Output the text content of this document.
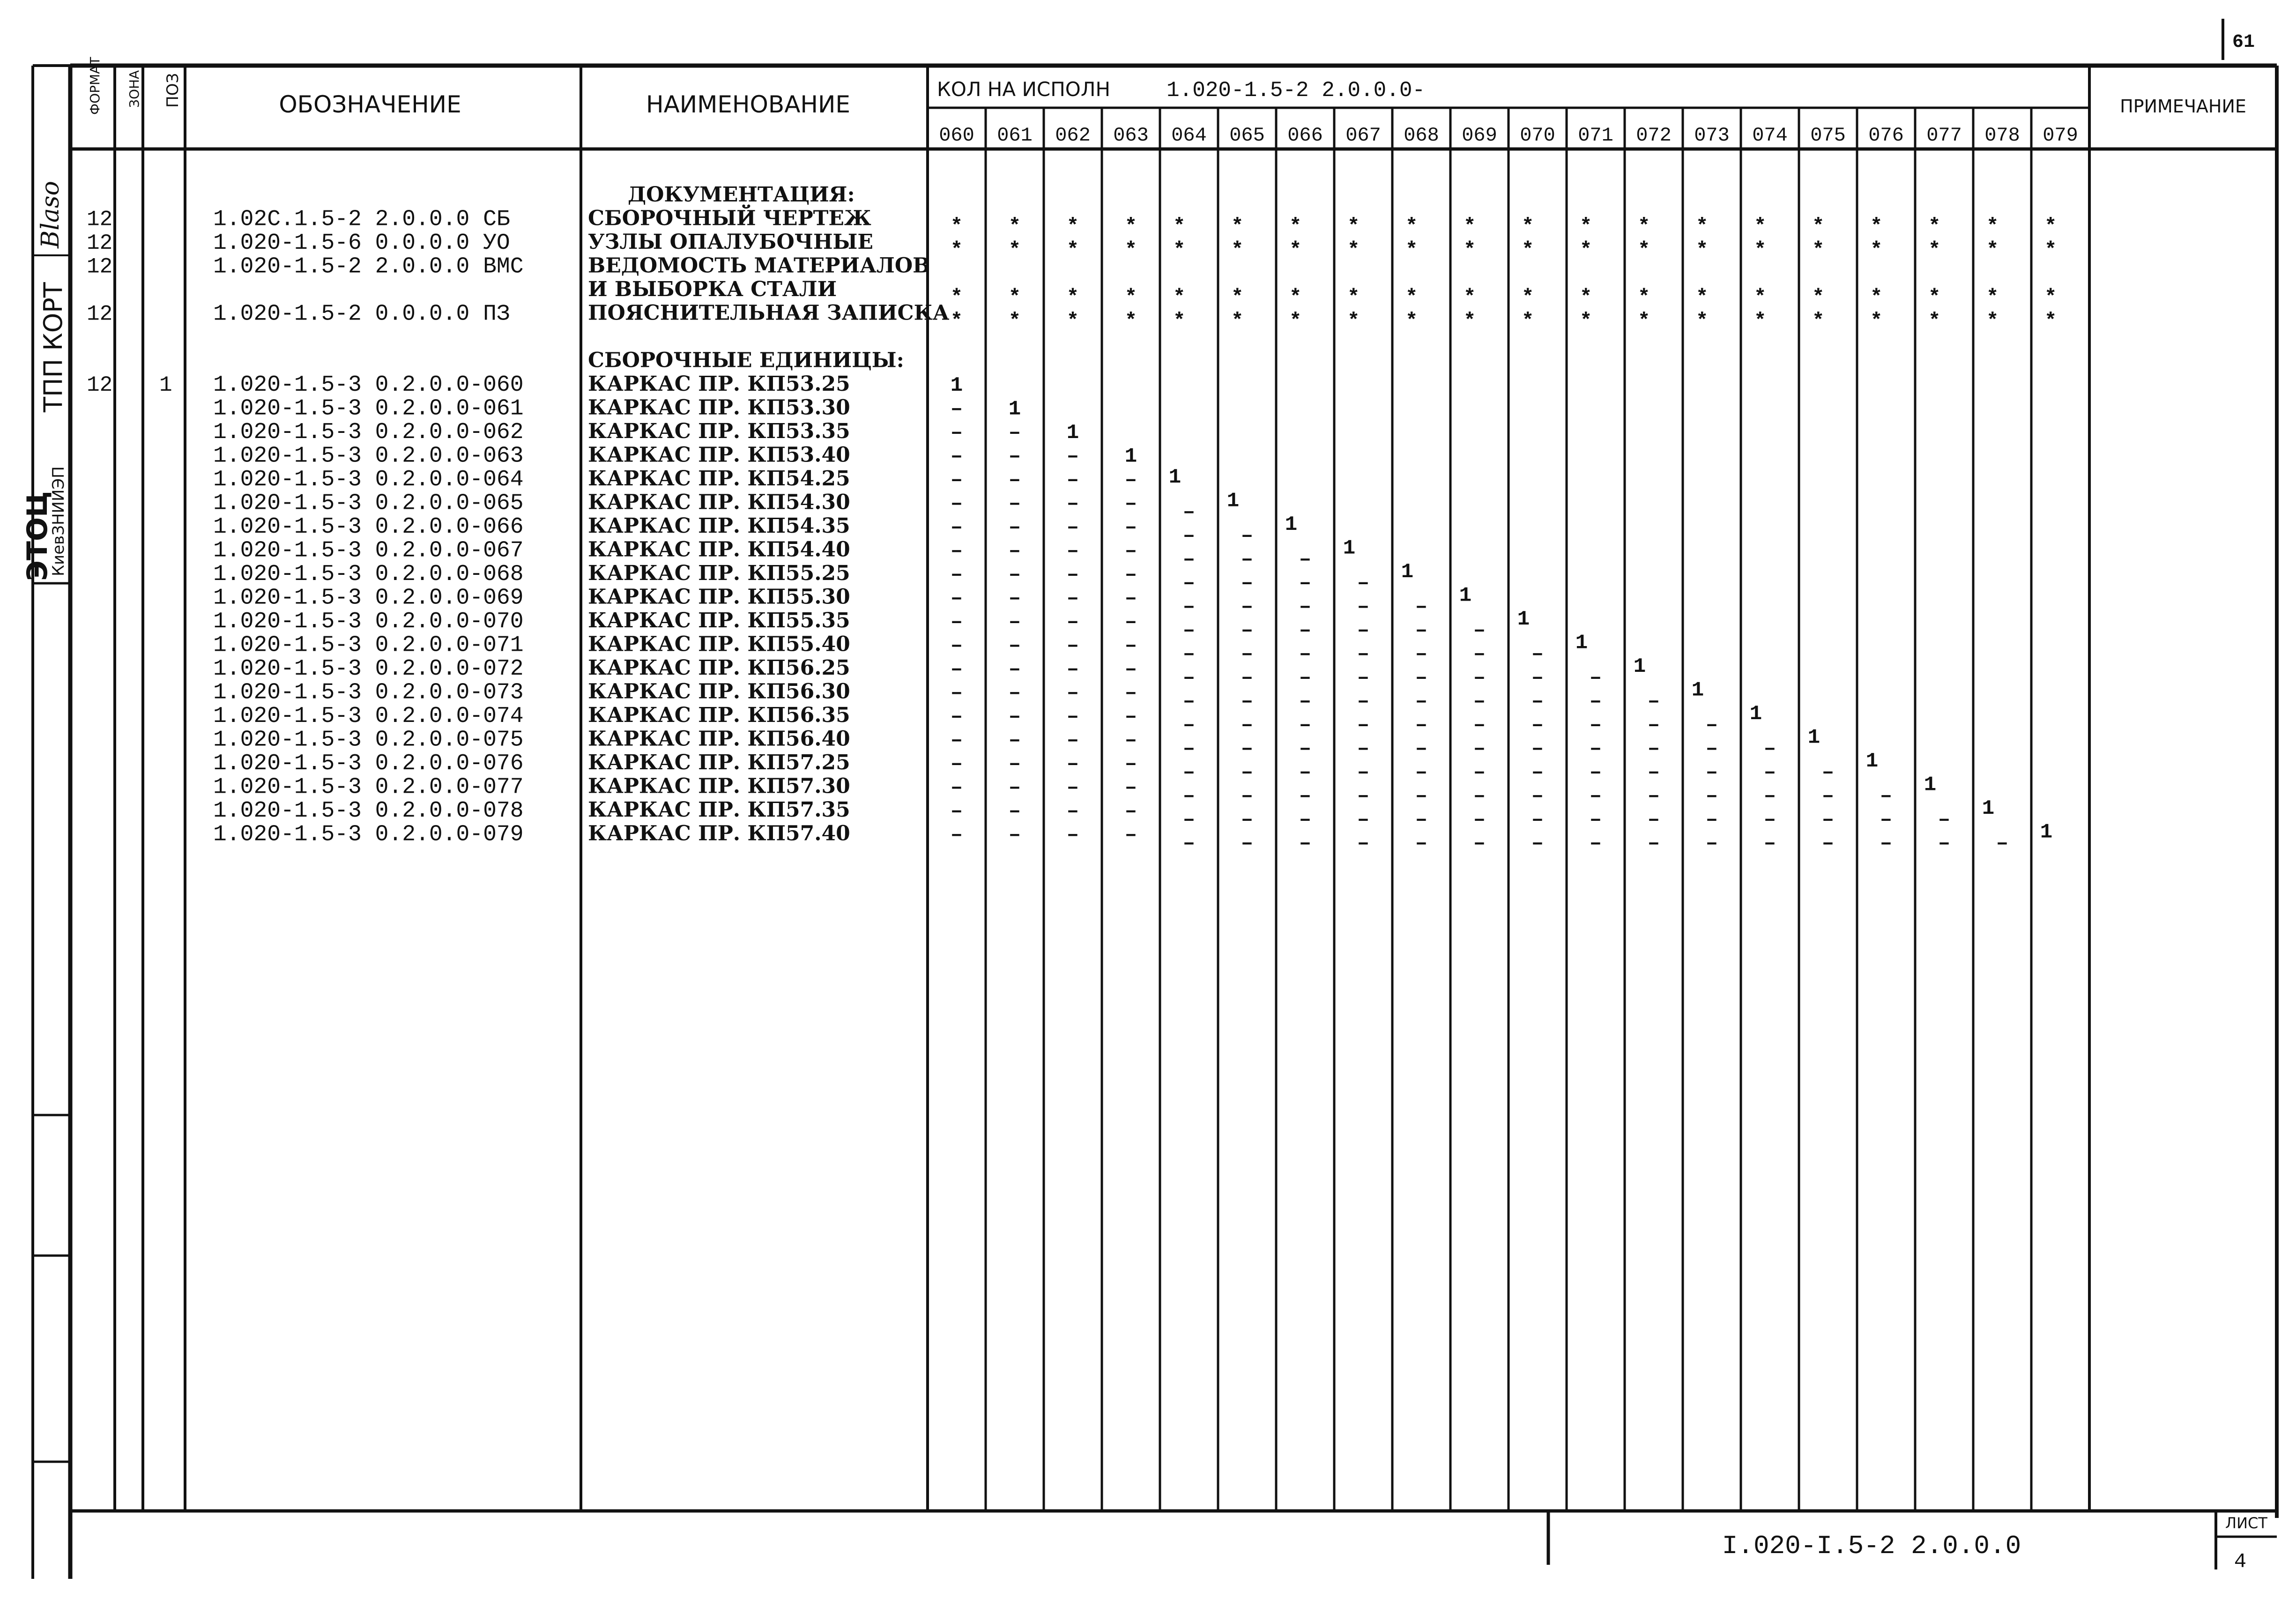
ФОРМАТ ЗОНА ПОЗ	ОБОЗНАЧЕНИЕ	НАИМЕНОВАНИЕ
КОЛ НА ИСПОЛН	1.020-1.5-2 2.0.0.0-
ПРИМЕЧАНИЕ
060 061 062 063 064 065 066 067 068 069 070 071 072 073 074 075 076 077 078 079
ДОКУМЕНТАЦИЯ:
12	1.02С.1.5-2 2.0.0.0 СБ	СБОРОЧНЫЙ ЧЕРТЕЖ	* * * * * * * * * * * * * * * * * * * *
12	1.020-1.5-6 0.0.0.0 УО	УЗЛЫ ОПАЛУБОЧНЫЕ	* * * * * * * * * * * * * * * * * * * *
12	1.020-1.5-2 2.0.0.0 ВМС	ВЕДОМОСТЬ МАТЕРИАЛОВ
И ВЫБОРКА СТАЛИ	* * * * * * * * * * * * * * * * * * * *
12	1.020-1.5-2 0.0.0.0 ПЗ	ПОЯСНИТЕЛЬНАЯ ЗАПИСКА * * * * * * * * * * * * * * * * * * * *
СБОРОЧНЫЕ ЕДИНИЦЫ:
12 1 1.020-1.5-3 0.2.0.0-060	КАРКАС ПР. КП53.25	1
1.020-1.5-3 0.2.0.0-061	КАРКАС ПР. КП53.30	– 1
1.020-1.5-3 0.2.0.0-062	КАРКАС ПР. КП53.35	– – 1
1.020-1.5-3 0.2.0.0-063	КАРКАС ПР. КП53.40	– – – 1
1.020-1.5-3 0.2.0.0-064	КАРКАС ПР. КП54.25	– – – – 1
1.020-1.5-3 0.2.0.0-065	КАРКАС ПР. КП54.30	– – – – – 1
1.020-1.5-3 0.2.0.0-066	КАРКАС ПР. КП54.35	– – – – – – 1
1.020-1.5-3 0.2.0.0-067	КАРКАС ПР. КП54.40	– – – – – – – 1
1.020-1.5-3 0.2.0.0-068	КАРКАС ПР. КП55.25	– – – – – – – – 1
1.020-1.5-3 0.2.0.0-069	КАРКАС ПР. КП55.30	– – – – – – – – – 1
1.020-1.5-3 0.2.0.0-070	КАРКАС ПР. КП55.35	– – – – – – – – – – 1
1.020-1.5-3 0.2.0.0-071	КАРКАС ПР. КП55.40	– – – – – – – – – – – 1
1.020-1.5-3 0.2.0.0-072	КАРКАС ПР. КП56.25	– – – – – – – – – – – – 1
1.020-1.5-3 0.2.0.0-073	КАРКАС ПР. КП56.30	– – – – – – – – – – – – – 1
1.020-1.5-3 0.2.0.0-074	КАРКАС ПР. КП56.35	– – – – – – – – – – – – – – 1
1.020-1.5-3 0.2.0.0-075	КАРКАС ПР. КП56.40	– – – – – – – – – – – – – – – 1
1.020-1.5-3 0.2.0.0-076	КАРКАС ПР. КП57.25	– – – – – – – – – – – – – – – – 1
1.020-1.5-3 0.2.0.0-077	КАРКАС ПР. КП57.30	– – – – – – – – – – – – – – – – – 1
1.020-1.5-3 0.2.0.0-078	КАРКАС ПР. КП57.35	– – – – – – – – – – – – – – – – – – 1
1.020-1.5-3 0.2.0.0-079	КАРКАС ПР. КП57.40	– – – – – – – – – – – – – – – – – – – 1
61
I.020-I.5-2 2.0.0.0
ЛИСТ
4
ТПП КОРТ
ЭТОЦ
КиевЗНИИЭП
Вlaso
